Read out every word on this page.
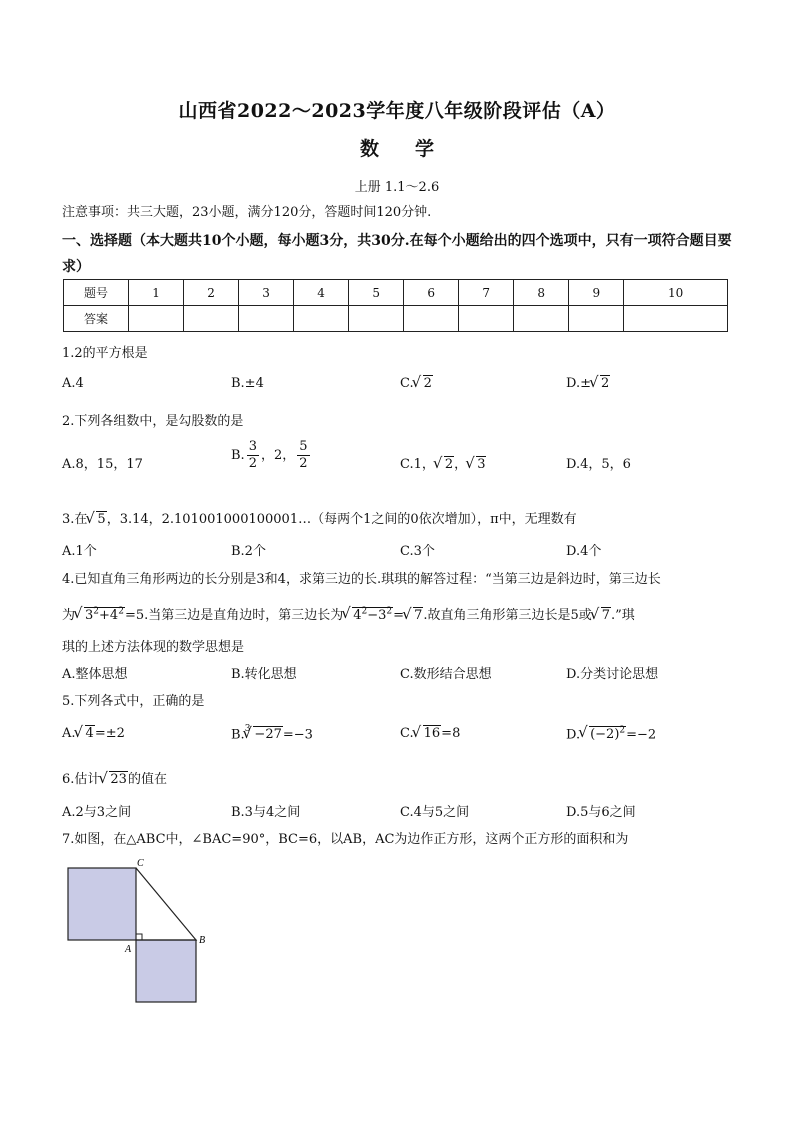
山西省2022～2023学年度八年级阶段评估（A）
数 学
上册 1.1～2.6
注意事项：共三大题，23小题，满分120分，答题时间120分钟.
一、选择题（本大题共10个小题，每小题3分，共30分.在每个小题给出的四个选项中，只有一项符合题目要求）
题号	1	2	3	4	5	6	7	8	9	10
答案										
1.2的平方根是
A.4	B.±4	C. √ 2	D.± √ 2
2.下列各组数中，是勾股数的是
A.8，15，17
B. $\frac{3}{2}$ ，2， $\frac{5}{2}$	C.1， √ 2， √ 3	D.4，5，6
3.在 √ 5，3.14，2.101001000100001…（每两个1之间的0依次增加），π中，无理数有
A.1个	B.2个	C.3个	D.4个
4.已知直角三角形两边的长分别是3和4，求第三边的长.琪琪的解答过程：“当第三边是斜边时，第三边长
为 √ $3^2+4^2=5$.当第三边是直角边时，第三边长为 √ $4^2-3^2=$ √ 7.故直角三角形第三边长是5或 √ 7.”琪
琪的上述方法体现的数学思想是
A.整体思想	B.转化思想	C.数形结合思想	D.分类讨论思想
5.下列各式中，正确的是
A. √ 4=±2	B.$^3$ √ −27=−3	C. √ 16=8	D. √ $(-2)^2=-2$
6.估计 √ 23的值在
A.2与3之间	B.3与4之间	C.4与5之间	D.5与6之间
7.如图，在△ABC中，∠BAC=90°，BC=6，以AB，AC为边作正方形，这两个正方形的面积和为
C
A
B
